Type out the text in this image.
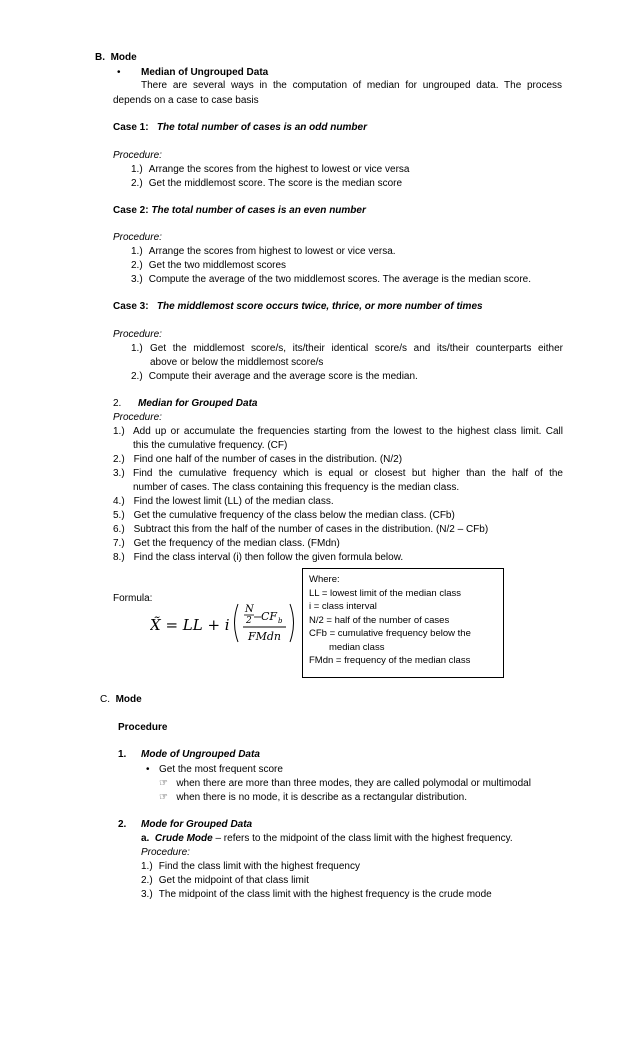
B. Mode
• Median of Ungrouped Data
There are several ways in the computation of median for ungrouped data. The process
depends on a case to case basis
Case 1: The total number of cases is an odd number
Procedure:
1.) Arrange the scores from the highest to lowest or vice versa
2.) Get the middlemost score. The score is the median score
Case 2: The total number of cases is an even number
Procedure:
1.) Arrange the scores from highest to lowest or vice versa.
2.) Get the two middlemost scores
3.) Compute the average of the two middlemost scores. The average is the median score.
Case 3: The middlemost score occurs twice, thrice, or more number of times
Procedure:
1.) Get the middlemost score/s, its/their identical score/s and its/their counterparts either
above or below the middlemost score/s
2.) Compute their average and the average score is the median.
2. Median for Grouped Data
Procedure:
1.) Add up or accumulate the frequencies starting from the lowest to the highest class limit. Call
this the cumulative frequency. (CF)
2.) Find one half of the number of cases in the distribution. (N/2)
3.) Find the cumulative frequency which is equal or closest but higher than the half of the
number of cases. The class containing this frequency is the median class.
4.) Find the lowest limit (LL) of the median class.
5.) Get the cumulative frequency of the class below the median class. (CFb)
6.) Subtract this from the half of the number of cases in the distribution. (N/2 – CFb)
7.) Get the frequency of the median class. (FMdn)
8.) Find the class interval (i) then follow the given formula below.
Formula:
X̃ = LL + i
N
2 CF b
FMdn
Where:
LL = lowest limit of the median class
i = class interval
N/2 = half of the number of cases
CFb = cumulative frequency below the
median class
FMdn = frequency of the median class
C. Mode
Procedure
1. Mode of Ungrouped Data
• Get the most frequent score
☞ when there are more than three modes, they are called polymodal or multimodal
☞ when there is no mode, it is describe as a rectangular distribution.
2. Mode for Grouped Data
a. Crude Mode – refers to the midpoint of the class limit with the highest frequency.
Procedure:
1.) Find the class limit with the highest frequency
2.) Get the midpoint of that class limit
3.) The midpoint of the class limit with the highest frequency is the crude mode
